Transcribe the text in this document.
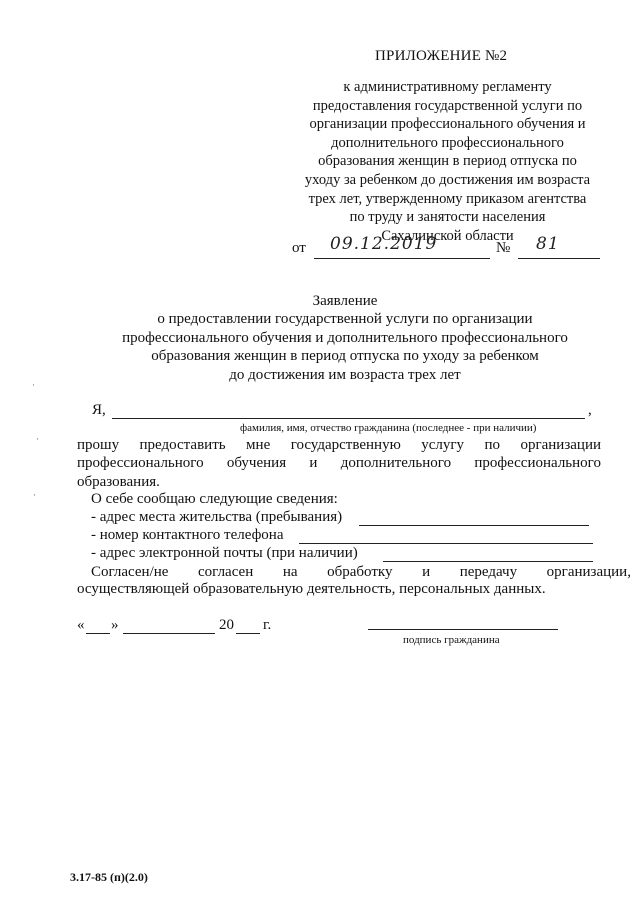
ПРИЛОЖЕНИЕ №2
к административному регламенту
предоставления государственной услуги по
организации профессионального обучения и
дополнительного профессионального
образования женщин в период отпуска по
уходу за ребенком до достижения им возраста
трех лет, утвержденному приказом агентства
по труду и занятости населения
Сахалинской области
от 09.12.2019	№ 81
Заявление
о предоставлении государственной услуги по организации
профессионального обучения и дополнительного профессионального
образования женщин в период отпуска по уходу за ребенком
до достижения им возраста трех лет
Я,	,
фамилия, имя, отчество гражданина (последнее - при наличии)
прошу предоставить мне государственную услугу по организации
профессионального обучения и дополнительного профессионального
образования.
О себе сообщаю следующие сведения:
- адрес места жительства (пребывания)
- номер контактного телефона
- адрес электронной почты (при наличии)
Согласен/не согласен на обработку и передачу организации,
осуществляющей образовательную деятельность, персональных данных.
« »	20 г.
подпись гражданина
3.17-85 (п)(2.0)
·
·
·
